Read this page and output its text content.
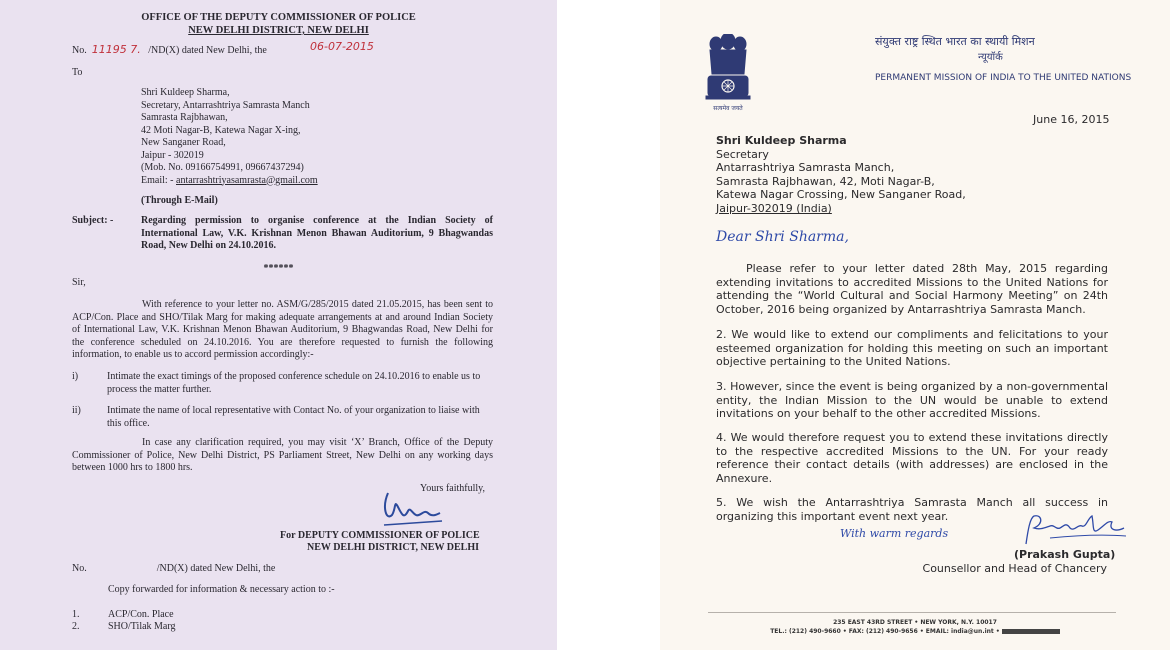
OFFICE OF THE DEPUTY COMMISSIONER OF POLICE
NEW DELHI DISTRICT, NEW DELHI
No. 11195 7. /ND(X) dated New Delhi, the	06-07-2015
To
Shri Kuldeep Sharma,
Secretary, Antarrashtriya Samrasta Manch
Samrasta Rajbhawan,
42 Moti Nagar-B, Katewa Nagar X-ing,
New Sanganer Road,
Jaipur - 302019
(Mob. No. 09166754991, 09667437294)
Email: - antarrashtriyasamrasta@gmail.com
(Through E-Mail)
Subject: -	Regarding permission to organise conference at the Indian Society of International Law, V.K. Krishnan Menon Bhawan Auditorium, 9 Bhagwandas Road, New Delhi on 24.10.2016.
******
Sir,
With reference to your letter no. ASM/G/285/2015 dated 21.05.2015, has been sent to ACP/Con. Place and SHO/Tilak Marg for making adequate arrangements at and around Indian Society of International Law, V.K. Krishnan Menon Bhawan Auditorium, 9 Bhagwandas Road, New Delhi for the conference scheduled on 24.10.2016. You are therefore requested to furnish the following information, to enable us to accord permission accordingly:-
i)	Intimate the exact timings of the proposed conference schedule on 24.10.2016 to enable us to process the matter further.
ii)	Intimate the name of local representative with Contact No. of your organization to liaise with this office.
In case any clarification required, you may visit ‘X’ Branch, Office of the Deputy Commissioner of Police, New Delhi District, PS Parliament Street, New Delhi on any working days between 1000 hrs to 1800 hrs.
Yours faithfully,
For DEPUTY COMMISSIONER OF POLICE
NEW DELHI DISTRICT, NEW DELHI
No.	/ND(X) dated New Delhi, the
Copy forwarded for information & necessary action to :-
1.	ACP/Con. Place
2.	SHO/Tilak Marg
सत्यमेव जयते
संयुक्त राष्ट्र स्थित भारत का स्थायी मिशन
न्यूयॉर्क
PERMANENT MISSION OF INDIA TO THE UNITED NATIONS
June 16, 2015
Shri Kuldeep Sharma
Secretary
Antarrashtriya Samrasta Manch,
Samrasta Rajbhawan, 42, Moti Nagar-B,
Katewa Nagar Crossing, New Sanganer Road,
Jaipur-302019 (India)
Dear Shri Sharma,
Please refer to your letter dated 28th May, 2015 regarding extending invitations to accredited Missions to the United Nations for attending the “World Cultural and Social Harmony Meeting” on 24th October, 2016 being organized by Antarrashtriya Samrasta Manch.
2. We would like to extend our compliments and felicitations to your esteemed organization for holding this meeting on such an important objective pertaining to the United Nations.
3. However, since the event is being organized by a non-governmental entity, the Indian Mission to the UN would be unable to extend invitations on your behalf to the other accredited Missions.
4. We would therefore request you to extend these invitations directly to the respective accredited Missions to the UN. For your ready reference their contact details (with addresses) are enclosed in the Annexure.
5. We wish the Antarrashtriya Samrasta Manch all success in organizing this important event next year.
With warm regards
(Prakash Gupta)
Counsellor and Head of Chancery
235 EAST 43RD STREET • NEW YORK, N.Y. 10017
TEL.: (212) 490-9660 • FAX: (212) 490-9656 • EMAIL: india@un.int •
